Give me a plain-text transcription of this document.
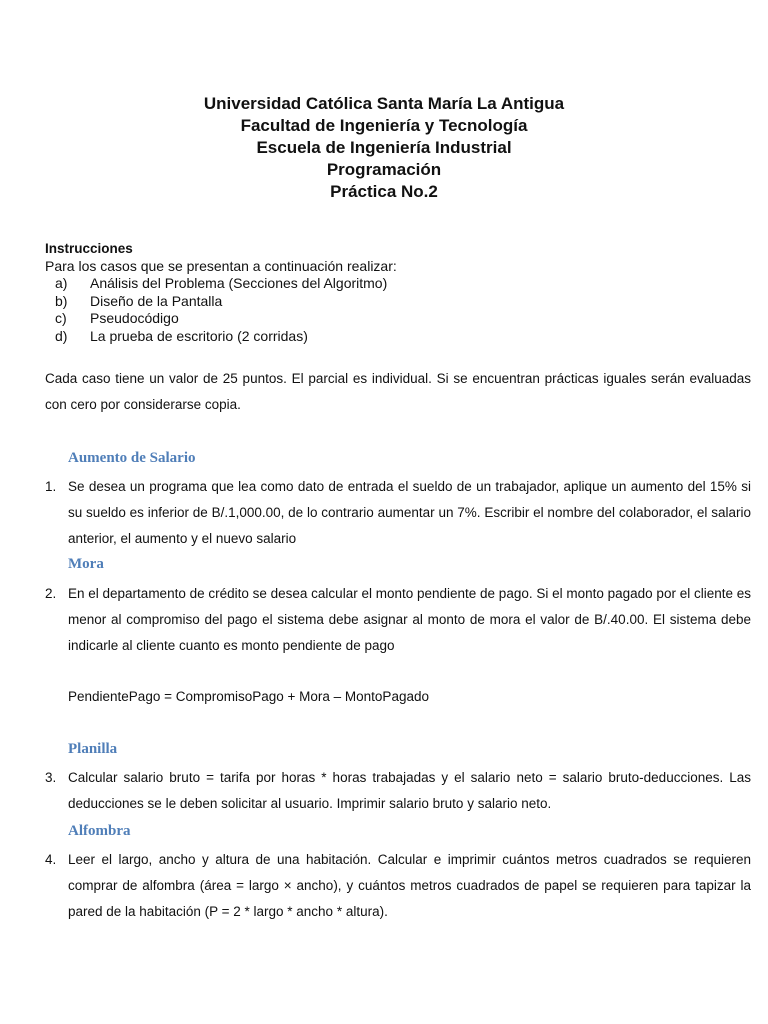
Universidad Católica Santa María La Antigua
Facultad de Ingeniería y Tecnología
Escuela de Ingeniería Industrial
Programación
Práctica No.2
Instrucciones
Para los casos que se presentan a continuación realizar:
a)	Análisis del Problema (Secciones del Algoritmo)
b)	Diseño de la Pantalla
c)	Pseudocódigo
d)	La prueba de escritorio (2 corridas)
Cada caso tiene un valor de 25 puntos. El parcial es individual. Si se encuentran prácticas iguales serán evaluadas con cero por considerarse copia.
Aumento de Salario
1. Se desea un programa que lea como dato de entrada el sueldo de un trabajador, aplique un aumento del 15% si su sueldo es inferior de B/.1,000.00, de lo contrario aumentar un 7%. Escribir el nombre del colaborador, el salario anterior, el aumento y el nuevo salario
Mora
2. En el departamento de crédito se desea calcular el monto pendiente de pago. Si el monto pagado por el cliente es menor al compromiso del pago el sistema debe asignar al monto de mora el valor de B/.40.00. El sistema debe indicarle al cliente cuanto es monto pendiente de pago
PendientePago = CompromisoPago + Mora – MontoPagado
Planilla
3. Calcular salario bruto = tarifa por horas * horas trabajadas y el salario neto = salario bruto-deducciones. Las deducciones se le deben solicitar al usuario. Imprimir salario bruto y salario neto.
Alfombra
4. Leer el largo, ancho y altura de una habitación. Calcular e imprimir cuántos metros cuadrados se requieren comprar de alfombra (área = largo × ancho), y cuántos metros cuadrados de papel se requieren para tapizar la pared de la habitación (P = 2 * largo * ancho * altura).
